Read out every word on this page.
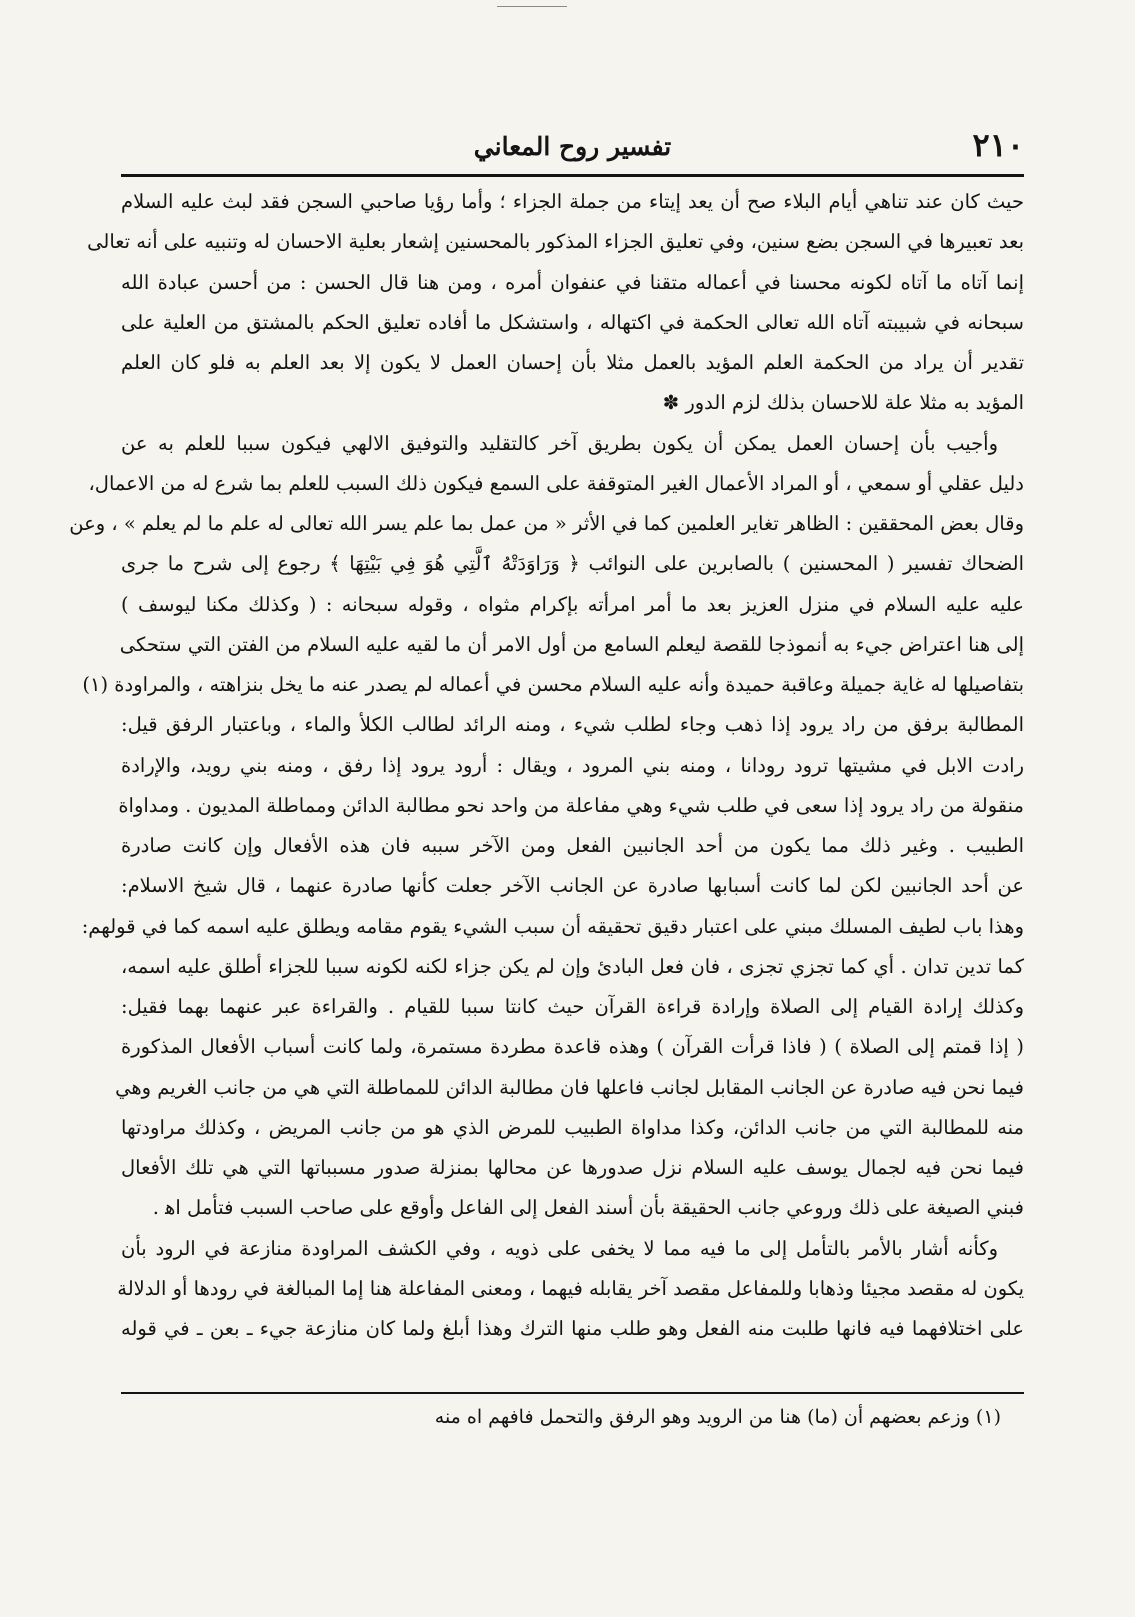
٢١٠
تفسير روح المعاني
حيث كان عند تناهي أيام البلاء صح أن يعد إيتاء من جملة الجزاء ؛ وأما رؤيا صاحبي السجن فقد لبث عليه السلام
بعد تعبيرها في السجن بضع سنين، وفي تعليق الجزاء المذكور بالمحسنين إشعار بعلية الاحسان له وتنبيه على أنه تعالى
إنما آتاه ما آتاه لكونه محسنا في أعماله متقنا في عنفوان أمره ، ومن هنا قال الحسن : من أحسن عبادة الله
سبحانه في شبيبته آتاه الله تعالى الحكمة في اكتهاله ، واستشكل ما أفاده تعليق الحكم بالمشتق من العلية على
تقدير أن يراد من الحكمة العلم المؤيد بالعمل مثلا بأن إحسان العمل لا يكون إلا بعد العلم به فلو كان العلم
المؤيد به مثلا علة للاحسان بذلك لزم الدور ✽
وأجيب بأن إحسان العمل يمكن أن يكون بطريق آخر كالتقليد والتوفيق الالهي فيكون سببا للعلم به عن
دليل عقلي أو سمعي ، أو المراد الأعمال الغير المتوقفة على السمع فيكون ذلك السبب للعلم بما شرع له من الاعمال،
وقال بعض المحققين : الظاهر تغاير العلمين كما في الأثر « من عمل بما علم يسر الله تعالى له علم ما لم يعلم » ، وعن
الضحاك تفسير ( المحسنين ) بالصابرين على النوائب ﴿ وَرَاوَدَتْهُ ٱلَّتِي هُوَ فِي بَيْتِهَا ﴾ رجوع إلى شرح ما جرى
عليه عليه السلام في منزل العزيز بعد ما أمر امرأته بإكرام مثواه ، وقوله سبحانه : ( وكذلك مكنا ليوسف )
إلى هنا اعتراض جيء به أنموذجا للقصة ليعلم السامع من أول الامر أن ما لقيه عليه السلام من الفتن التي ستحكى
بتفاصيلها له غاية جميلة وعاقبة حميدة وأنه عليه السلام محسن في أعماله لم يصدر عنه ما يخل بنزاهته ، والمراودة (١)
المطالبة برفق من راد يرود إذا ذهب وجاء لطلب شيء ، ومنه الرائد لطالب الكلأ والماء ، وباعتبار الرفق قيل:
رادت الابل في مشيتها ترود رودانا ، ومنه بني المرود ، ويقال : أرود يرود إذا رفق ، ومنه بني رويد، والإرادة
منقولة من راد يرود إذا سعى في طلب شيء وهي مفاعلة من واحد نحو مطالبة الدائن ومماطلة المديون . ومداواة
الطبيب . وغير ذلك مما يكون من أحد الجانبين الفعل ومن الآخر سببه فان هذه الأفعال وإن كانت صادرة
عن أحد الجانبين لكن لما كانت أسبابها صادرة عن الجانب الآخر جعلت كأنها صادرة عنهما ، قال شيخ الاسلام:
وهذا باب لطيف المسلك مبني على اعتبار دقيق تحقيقه أن سبب الشيء يقوم مقامه ويطلق عليه اسمه كما في قولهم:
كما تدين تدان . أي كما تجزي تجزى ، فان فعل البادئ وإن لم يكن جزاء لكنه لكونه سببا للجزاء أطلق عليه اسمه،
وكذلك إرادة القيام إلى الصلاة وإرادة قراءة القرآن حيث كانتا سببا للقيام . والقراءة عبر عنهما بهما فقيل:
( إذا قمتم إلى الصلاة ) ( فاذا قرأت القرآن ) وهذه قاعدة مطردة مستمرة، ولما كانت أسباب الأفعال المذكورة
فيما نحن فيه صادرة عن الجانب المقابل لجانب فاعلها فان مطالبة الدائن للمماطلة التي هي من جانب الغريم وهي
منه للمطالبة التي من جانب الدائن، وكذا مداواة الطبيب للمرض الذي هو من جانب المريض ، وكذلك مراودتها
فيما نحن فيه لجمال يوسف عليه السلام نزل صدورها عن محالها بمنزلة صدور مسبباتها التي هي تلك الأفعال
فبني الصيغة على ذلك وروعي جانب الحقيقة بأن أسند الفعل إلى الفاعل وأوقع على صاحب السبب فتأمل اه‍ .
وكأنه أشار بالأمر بالتأمل إلى ما فيه مما لا يخفى على ذويه ، وفي الكشف المراودة منازعة في الرود بأن
يكون له مقصد مجيئا وذهابا وللمفاعل مقصد آخر يقابله فيهما ، ومعنى المفاعلة هنا إما المبالغة في رودها أو الدلالة
على اختلافهما فيه فانها طلبت منه الفعل وهو طلب منها الترك وهذا أبلغ ولما كان منازعة جيء ـ بعن ـ في قوله
(١) وزعم بعضهم أن (ما) هنا من الرويد وهو الرفق والتحمل فافهم اه منه
